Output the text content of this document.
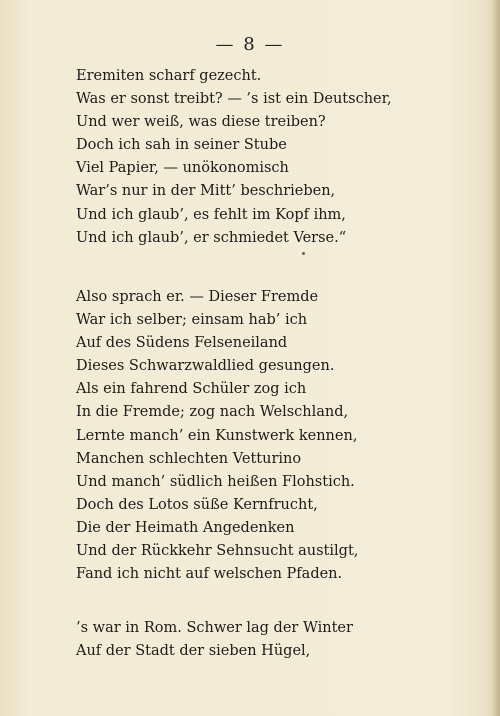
— 8 —
Eremiten scharf gezecht.
Was er sonst treibt? — ’s ist ein Deutscher,
Und wer weiß, was diese treiben?
Doch ich sah in seiner Stube
Viel Papier, — unökonomisch
War’s nur in der Mitt’ beschrieben,
Und ich glaub’, es fehlt im Kopf ihm,
Und ich glaub’, er schmiedet Verse.“
Also sprach er. — Dieser Fremde
War ich selber; einsam hab’ ich
Auf des Südens Felseneiland
Dieses Schwarzwaldlied gesungen.
Als ein fahrend Schüler zog ich
In die Fremde; zog nach Welschland,
Lernte manch’ ein Kunstwerk kennen,
Manchen schlechten Vetturino
Und manch’ südlich heißen Flohstich.
Doch des Lotos süße Kernfrucht,
Die der Heimath Angedenken
Und der Rückkehr Sehnsucht austilgt,
Fand ich nicht auf welschen Pfaden.
’s war in Rom. Schwer lag der Winter
Auf der Stadt der sieben Hügel,
